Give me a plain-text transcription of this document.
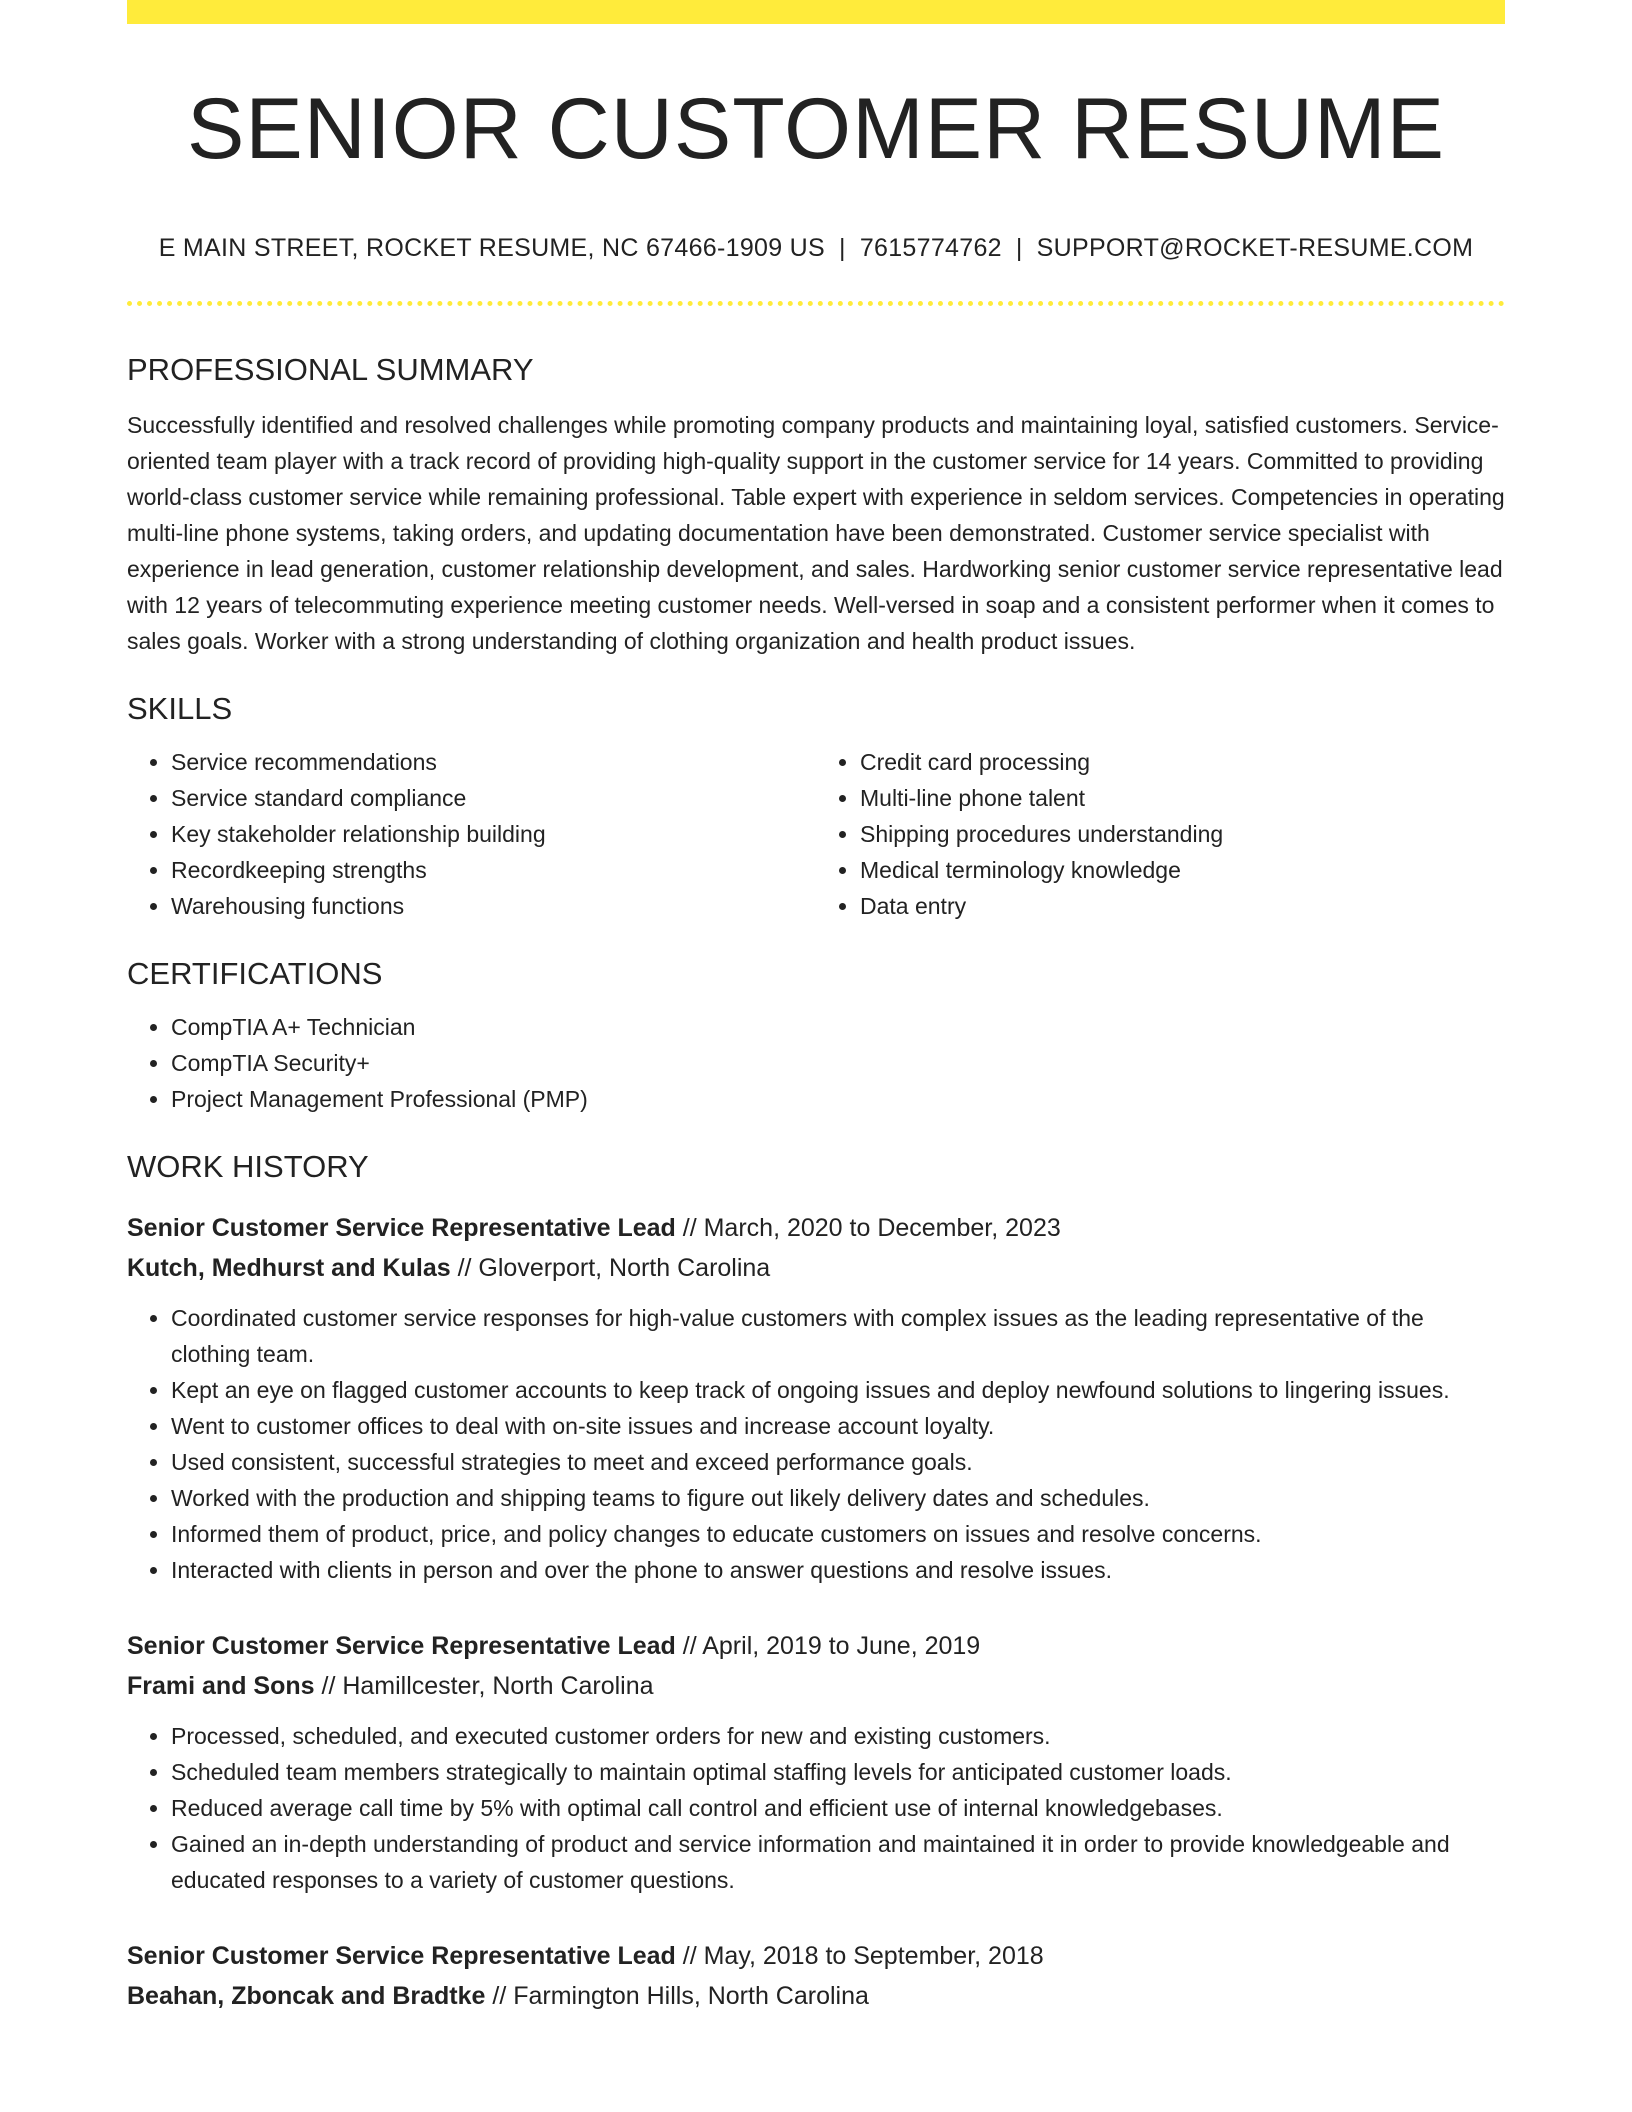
SENIOR CUSTOMER RESUME
E MAIN STREET, ROCKET RESUME, NC 67466-1909 US | 7615774762 | SUPPORT@ROCKET-RESUME.COM
PROFESSIONAL SUMMARY

Successfully identified and resolved challenges while promoting company products and maintaining loyal, satisfied customers. Service-oriented team player with a track record of providing high-quality support in the customer service for 14 years. Committed to providing world-class customer service while remaining professional. Table expert with experience in seldom services. Competencies in operating multi-line phone systems, taking orders, and updating documentation have been demonstrated. Customer service specialist with experience in lead generation, customer relationship development, and sales. Hardworking senior customer service representative lead with 12 years of telecommuting experience meeting customer needs. Well-versed in soap and a consistent performer when it comes to sales goals. Worker with a strong understanding of clothing organization and health product issues.

SKILLS
• Service recommendations
• Service standard compliance
• Key stakeholder relationship building
• Recordkeeping strengths
• Warehousing functions
• Credit card processing
• Multi-line phone talent
• Shipping procedures understanding
• Medical terminology knowledge
• Data entry
CERTIFICATIONS
• CompTIA A+ Technician
• CompTIA Security+
• Project Management Professional (PMP)
WORK HISTORY
Senior Customer Service Representative Lead // March, 2020 to December, 2023
Kutch, Medhurst and Kulas // Gloverport, North Carolina
• Coordinated customer service responses for high-value customers with complex issues as the leading representative of the clothing team.
• Kept an eye on flagged customer accounts to keep track of ongoing issues and deploy newfound solutions to lingering issues.
• Went to customer offices to deal with on-site issues and increase account loyalty.
• Used consistent, successful strategies to meet and exceed performance goals.
• Worked with the production and shipping teams to figure out likely delivery dates and schedules.
• Informed them of product, price, and policy changes to educate customers on issues and resolve concerns.
• Interacted with clients in person and over the phone to answer questions and resolve issues.
Senior Customer Service Representative Lead // April, 2019 to June, 2019
Frami and Sons // Hamillcester, North Carolina
• Processed, scheduled, and executed customer orders for new and existing customers.
• Scheduled team members strategically to maintain optimal staffing levels for anticipated customer loads.
• Reduced average call time by 5% with optimal call control and efficient use of internal knowledgebases.
• Gained an in-depth understanding of product and service information and maintained it in order to provide knowledgeable and educated responses to a variety of customer questions.
Senior Customer Service Representative Lead // May, 2018 to September, 2018
Beahan, Zboncak and Bradtke // Farmington Hills, North Carolina
